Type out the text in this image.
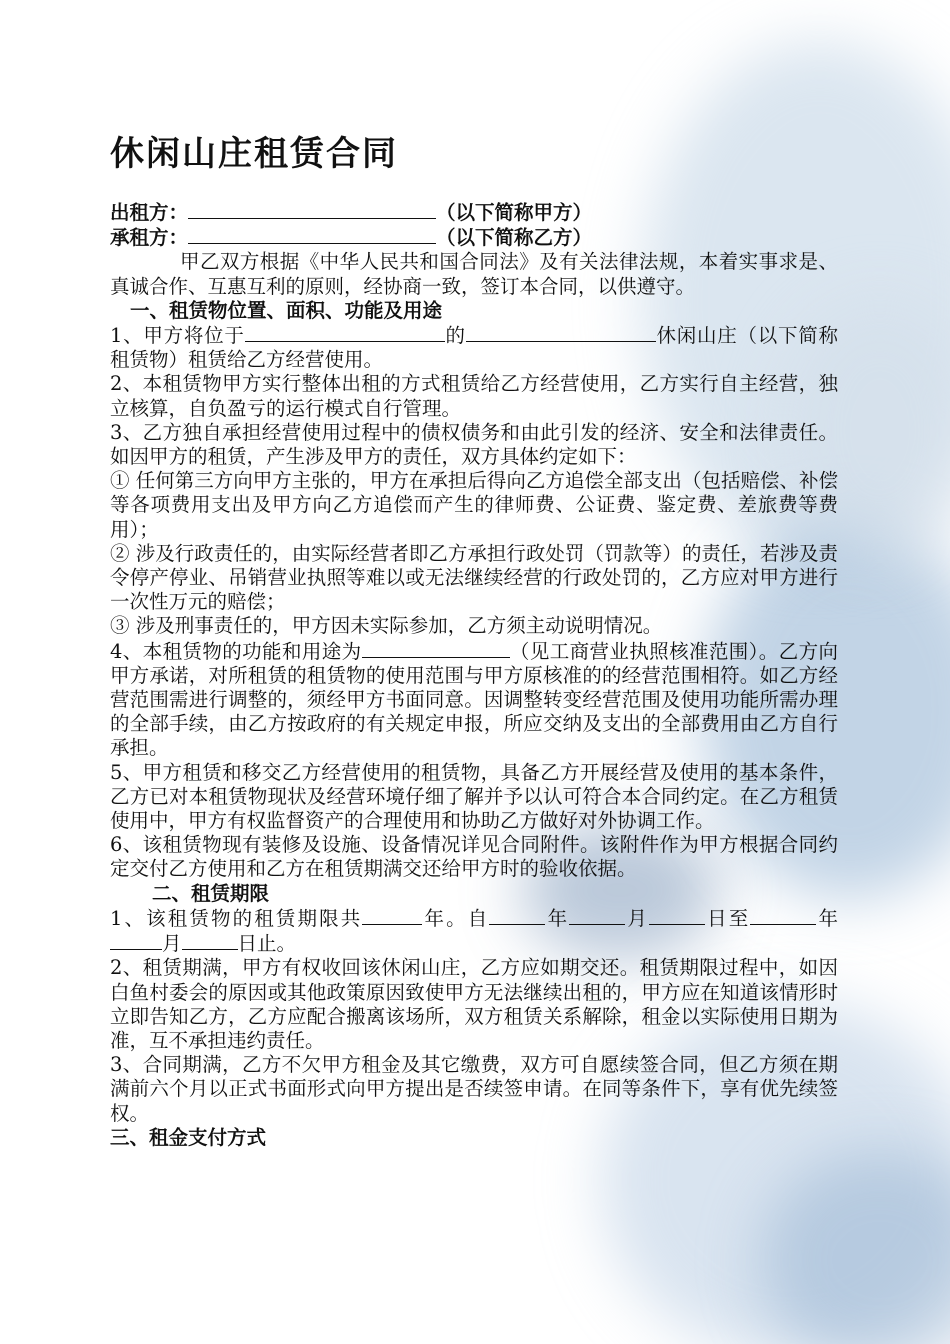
休闲山庄租赁合同

出租方：	（以下简称甲方）

承租方：	（以下简称乙方）

甲乙双方根据《中华人民共和国合同法》及有关法律法规，本着实事求是、真诚合作、互惠互利的原则，经协商一致，签订本合同，以供遵守。

一、租赁物位置、面积、功能及用途

1、甲方将位于	的	休闲山庄（以下简称租赁物）租赁给乙方经营使用。

2、本租赁物甲方实行整体出租的方式租赁给乙方经营使用，乙方实行自主经营，独立核算，自负盈亏的运行模式自行管理。

3、乙方独自承担经营使用过程中的债权债务和由此引发的经济、安全和法律责任。如因甲方的租赁，产生涉及甲方的责任，双方具体约定如下：

① 任何第三方向甲方主张的，甲方在承担后得向乙方追偿全部支出（包括赔偿、补偿等各项费用支出及甲方向乙方追偿而产生的律师费、公证费、鉴定费、差旅费等费用）；

② 涉及行政责任的，由实际经营者即乙方承担行政处罚（罚款等）的责任，若涉及责令停产停业、吊销营业执照等难以或无法继续经营的行政处罚的，乙方应对甲方进行一次性万元的赔偿；

③ 涉及刑事责任的，甲方因未实际参加，乙方须主动说明情况。

4、本租赁物的功能和用途为	（见工商营业执照核准范围）。乙方向甲方承诺，对所租赁的租赁物的使用范围与甲方原核准的的经营范围相符。如乙方经营范围需进行调整的，须经甲方书面同意。因调整转变经营范围及使用功能所需办理的全部手续，由乙方按政府的有关规定申报，所应交纳及支出的全部费用由乙方自行承担。

5、甲方租赁和移交乙方经营使用的租赁物，具备乙方开展经营及使用的基本条件，乙方已对本租赁物现状及经营环境仔细了解并予以认可符合本合同约定。在乙方租赁使用中，甲方有权监督资产的合理使用和协助乙方做好对外协调工作。

6、该租赁物现有装修及设施、设备情况详见合同附件。该附件作为甲方根据合同约定交付乙方使用和乙方在租赁期满交还给甲方时的验收依据。

二、租赁期限

1、该租赁物的租赁期限共	年。自	年	月	日至	年月	日止。

2、租赁期满，甲方有权收回该休闲山庄，乙方应如期交还。租赁期限过程中，如因白鱼村委会的原因或其他政策原因致使甲方无法继续出租的，甲方应在知道该情形时立即告知乙方，乙方应配合搬离该场所，双方租赁关系解除，租金以实际使用日期为准，互不承担违约责任。

3、合同期满，乙方不欠甲方租金及其它缴费，双方可自愿续签合同，但乙方须在期满前六个月以正式书面形式向甲方提出是否续签申请。在同等条件下，享有优先续签权。

三、租金支付方式
